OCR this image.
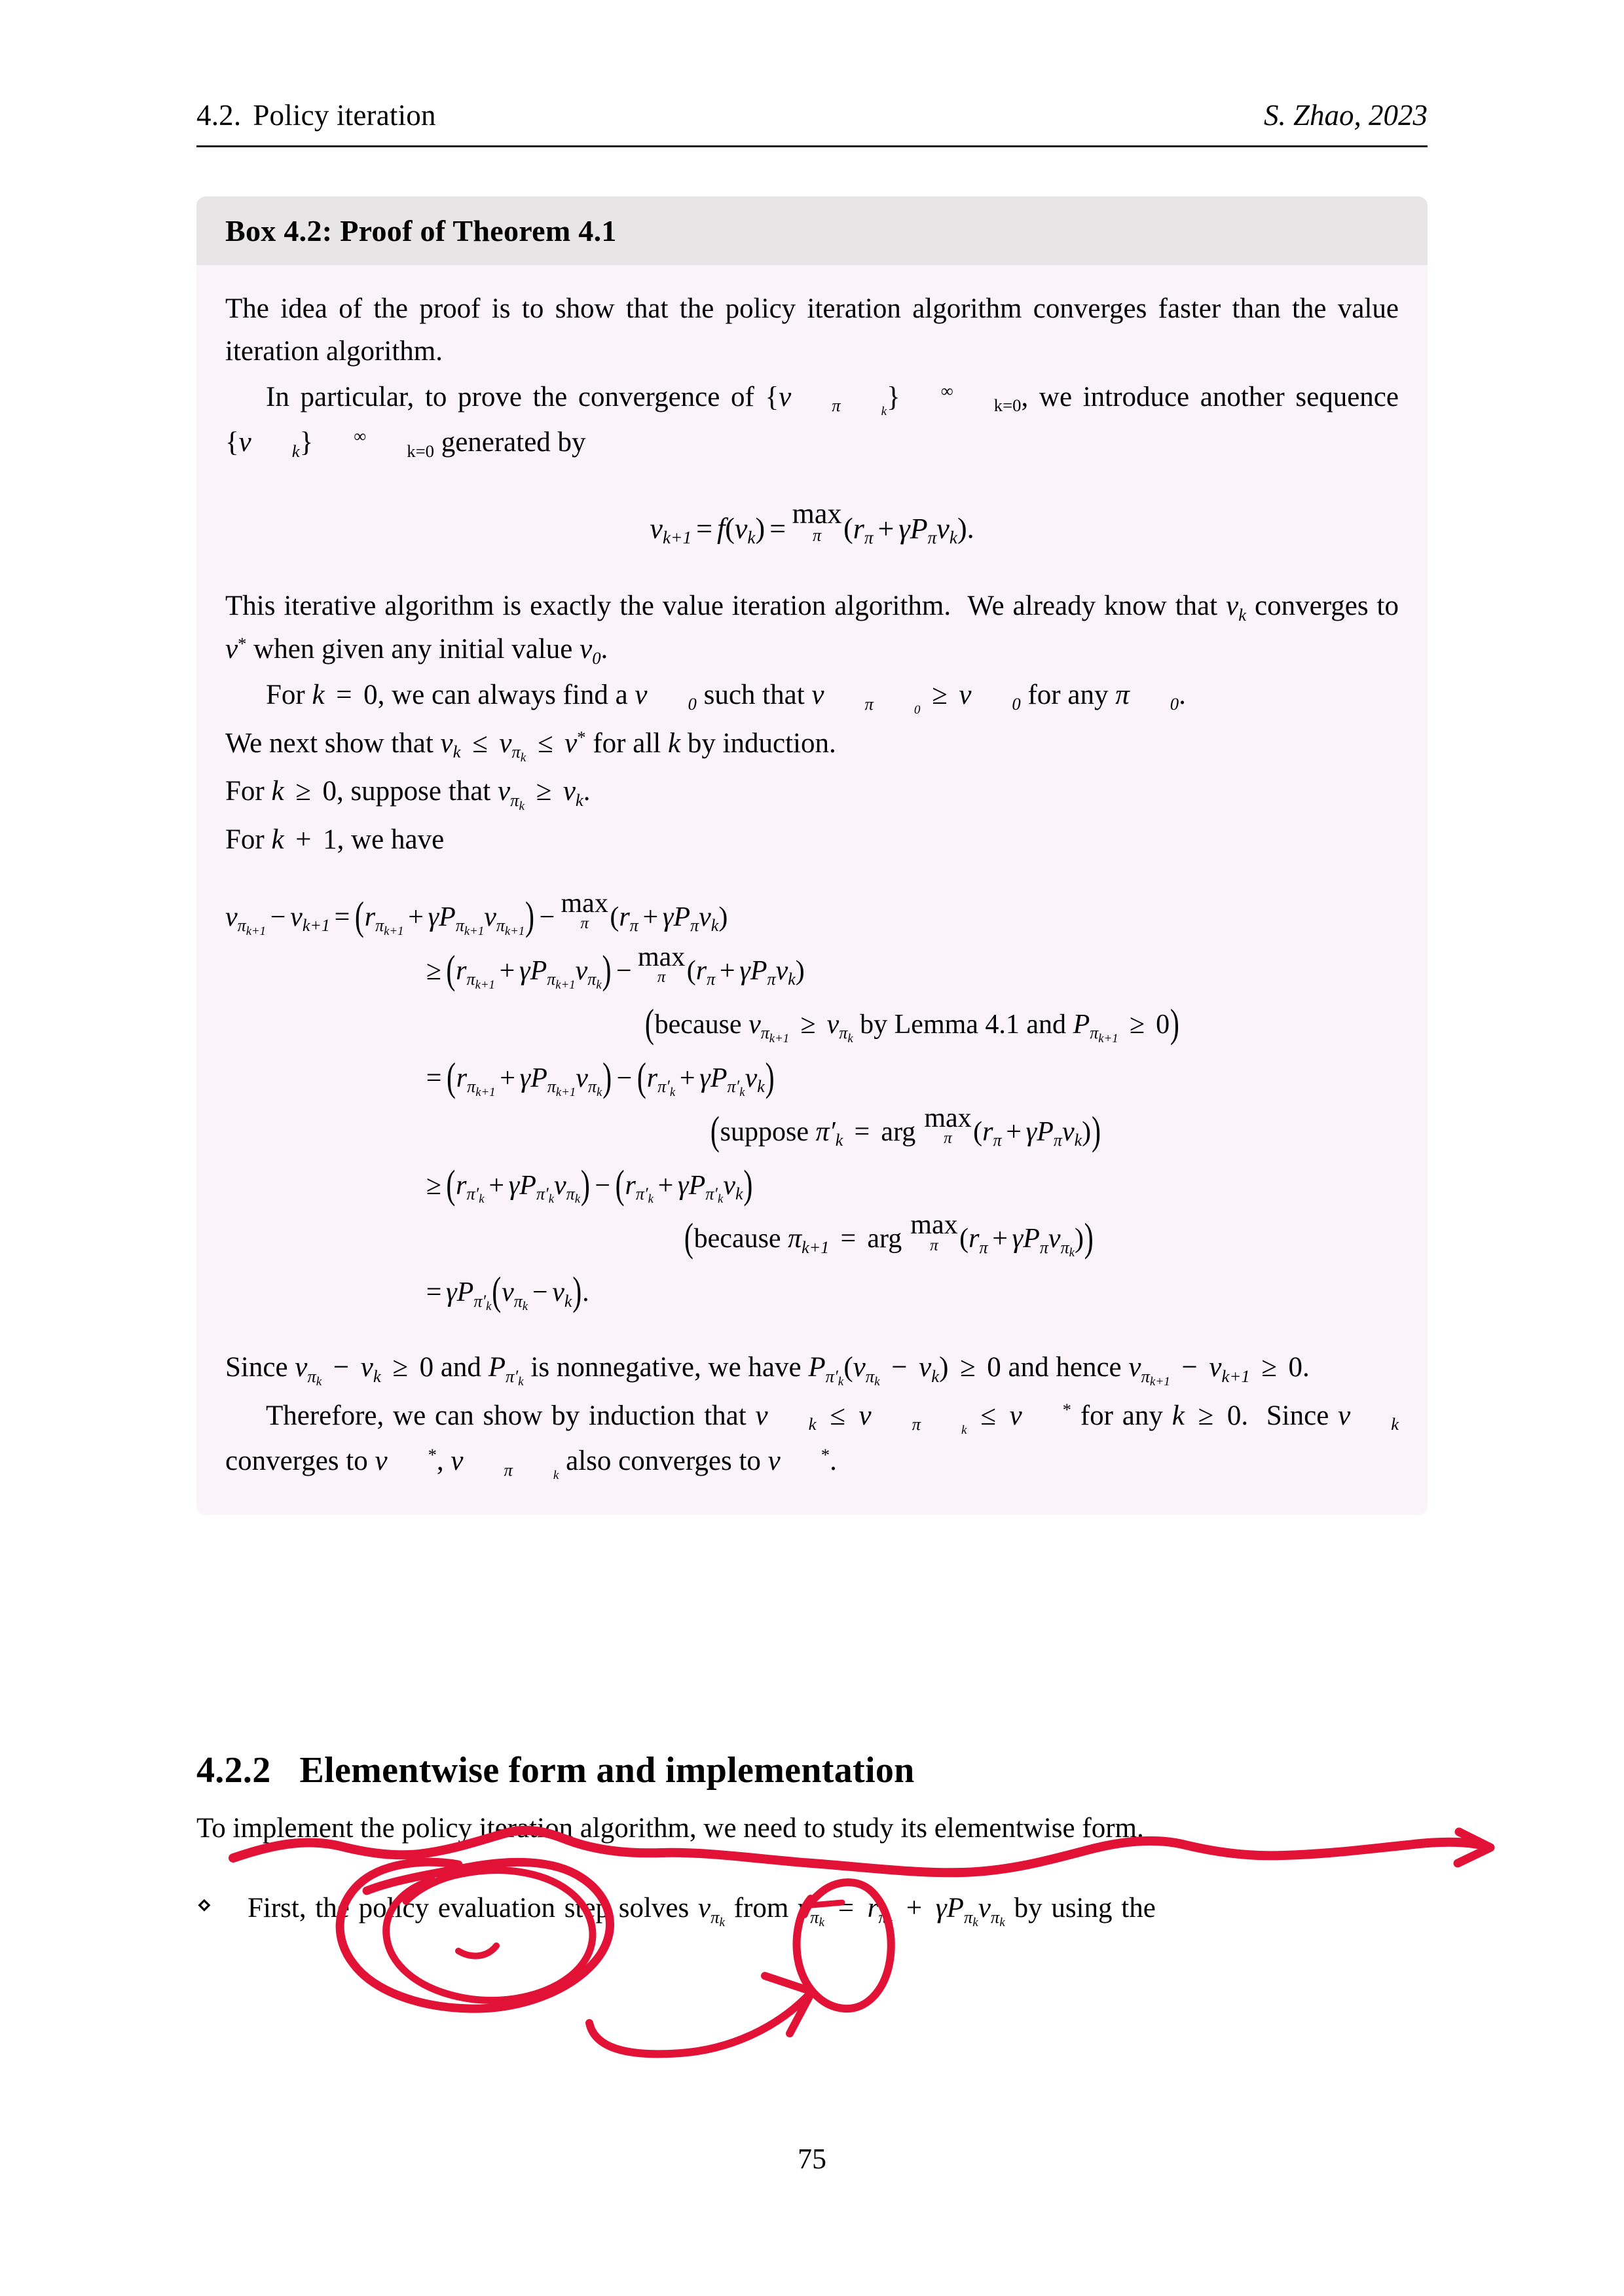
4.2. Policy iteration	S. Zhao, 2023
Box 4.2: Proof of Theorem 4.1

The idea of the proof is to show that the policy iteration algorithm converges faster than the value iteration algorithm.

In particular, to prove the convergence of {v π	k} ∞k=0, we introduce another sequence {v k} ∞k=0 generated by

vk+1 = f(vk) = max
π (rπ + γPπvk).

This iterative algorithm is exactly the value iteration algorithm.  We already know that vk converges to v* when given any initial value v0.

For k = 0, we can always find a v 0 such that v π	0 ≥ v 0 for any π 0.

We next show that vk ≤ vπk ≤ v* for all k by induction.

For k ≥ 0, suppose that vπk ≥ vk.

For k + 1, we have

vπk+1 − vk+1 = (rπk+1 + γPπk+1vπk+1) − max
π (rπ + γPπvk)
≥ (rπk+1 + γPπk+1vπk) − max
π (rπ + γPπvk)
(because vπk+1 ≥ vπk by Lemma 4.1 and Pπk+1 ≥ 0)
= (rπk+1 + γPπk+1vπk) − (rπ′k + γPπ′kvk)
(suppose π′k = arg max
π (rπ + γPπvk))
≥ (rπ′k + γPπ′kvπk) − (rπ′k + γPπ′kvk)
(because πk+1 = arg max
π (rπ + γPπvπk))
= γPπ′k(vπk − vk).

Since vπk − vk ≥ 0 and Pπ′k is nonnegative, we have Pπ′k(vπk − vk) ≥ 0 and hence vπk+1 − vk+1 ≥ 0.

Therefore, we can show by induction that v k ≤ v π	k ≤ v * for any k ≥ 0.  Since v k converges to v *, v π	k also converges to v *.

4.2.2 Elementwise form and implementation
To implement the policy iteration algorithm, we need to study its elementwise form.
⋄ First, the policy evaluation step solves vπk from vπk = rπk + γPπkvπk by using the
75
